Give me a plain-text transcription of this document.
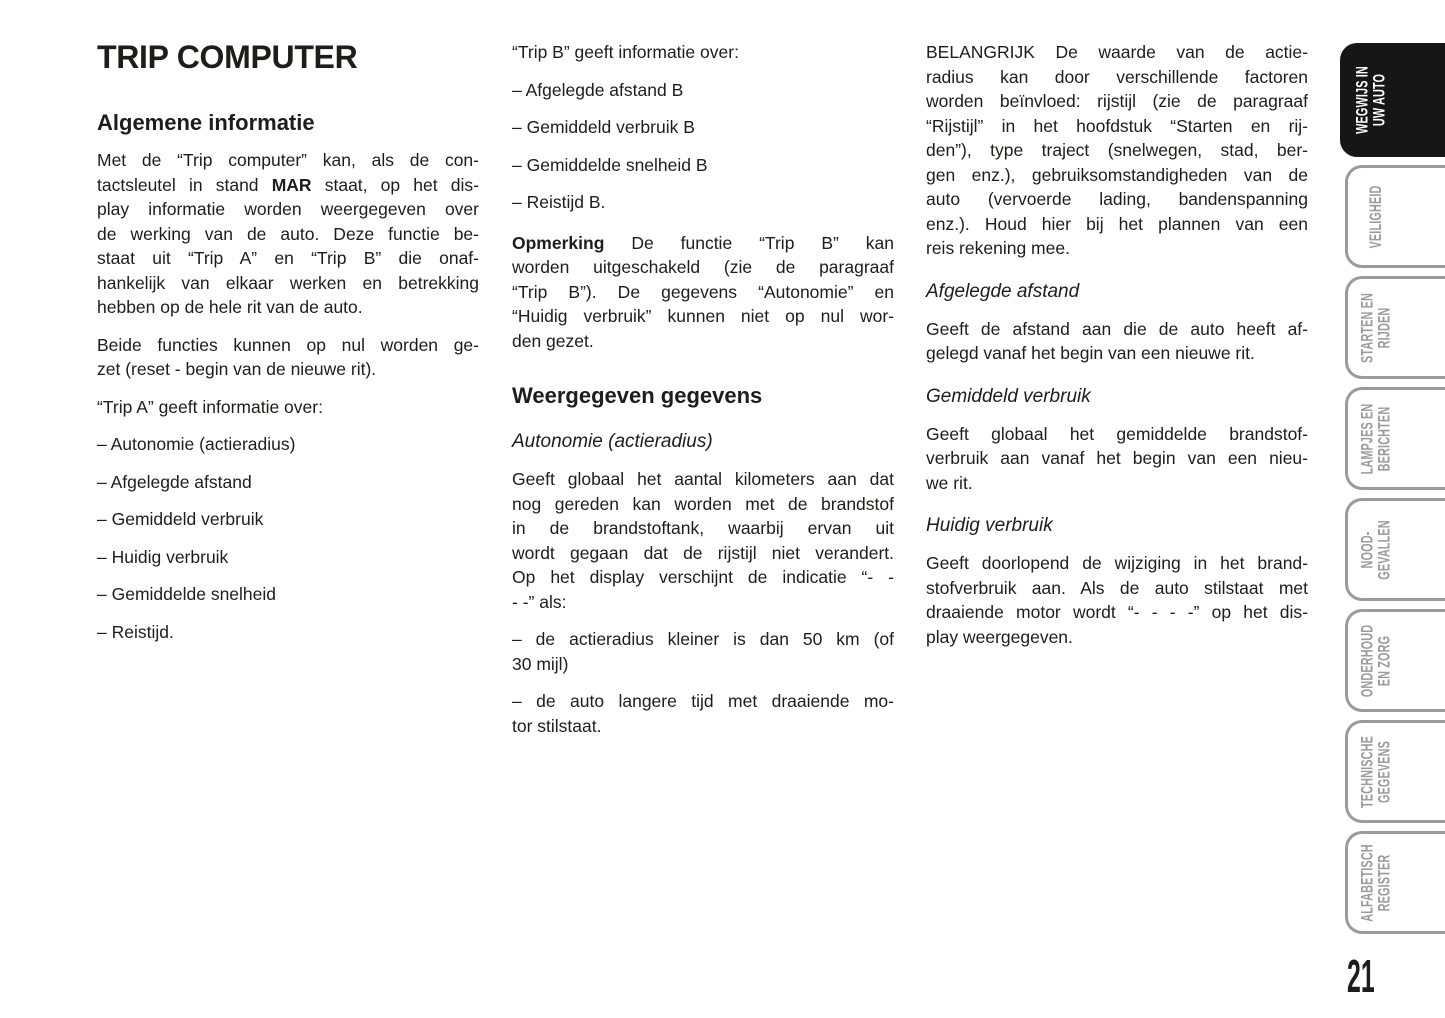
TRIP COMPUTER
Algemene informatie
Met de “Trip computer” kan, als de con-
tactsleutel in stand MAR staat, op het dis-
play informatie worden weergegeven over
de werking van de auto. Deze functie be-
staat uit “Trip A” en “Trip B” die onaf-
hankelijk van elkaar werken en betrekking
hebben op de hele rit van de auto.
Beide functies kunnen op nul worden ge-
zet (reset - begin van de nieuwe rit).
“Trip A” geeft informatie over:
– Autonomie (actieradius)
– Afgelegde afstand
– Gemiddeld verbruik
– Huidig verbruik
– Gemiddelde snelheid
– Reistijd.
“Trip B” geeft informatie over:
– Afgelegde afstand B
– Gemiddeld verbruik B
– Gemiddelde snelheid B
– Reistijd B.
Opmerking De functie “Trip B” kan
worden uitgeschakeld (zie de paragraaf
“Trip B”). De gegevens “Autonomie” en
“Huidig verbruik” kunnen niet op nul wor-
den gezet.
Weergegeven gegevens
Autonomie (actieradius)
Geeft globaal het aantal kilometers aan dat
nog gereden kan worden met de brandstof
in de brandstoftank, waarbij ervan uit
wordt gegaan dat de rijstijl niet verandert.
Op het display verschijnt de indicatie “- -
- -” als:
– de actieradius kleiner is dan 50 km (of
30 mijl)
– de auto langere tijd met draaiende mo-
tor stilstaat.
BELANGRIJK De waarde van de actie-
radius kan door verschillende factoren
worden beïnvloed: rijstijl (zie de paragraaf
“Rijstijl” in het hoofdstuk “Starten en rij-
den”), type traject (snelwegen, stad, ber-
gen enz.), gebruiksomstandigheden van de
auto (vervoerde lading, bandenspanning
enz.). Houd hier bij het plannen van een
reis rekening mee.
Afgelegde afstand
Geeft de afstand aan die de auto heeft af-
gelegd vanaf het begin van een nieuwe rit.
Gemiddeld verbruik
Geeft globaal het gemiddelde brandstof-
verbruik aan vanaf het begin van een nieu-
we rit.
Huidig verbruik
Geeft doorlopend de wijziging in het brand-
stofverbruik aan. Als de auto stilstaat met
draaiende motor wordt “- - - -” op het dis-
play weergegeven.
WEGWIJS IN
UW AUTO
VEILIGHEID
STARTEN EN
RIJDEN
LAMPJES EN
BERICHTEN
NOOD-
GEVALLEN
ONDERHOUD
EN ZORG
TECHNISCHE
GEGEVENS
ALFABETISCH
REGISTER
21
